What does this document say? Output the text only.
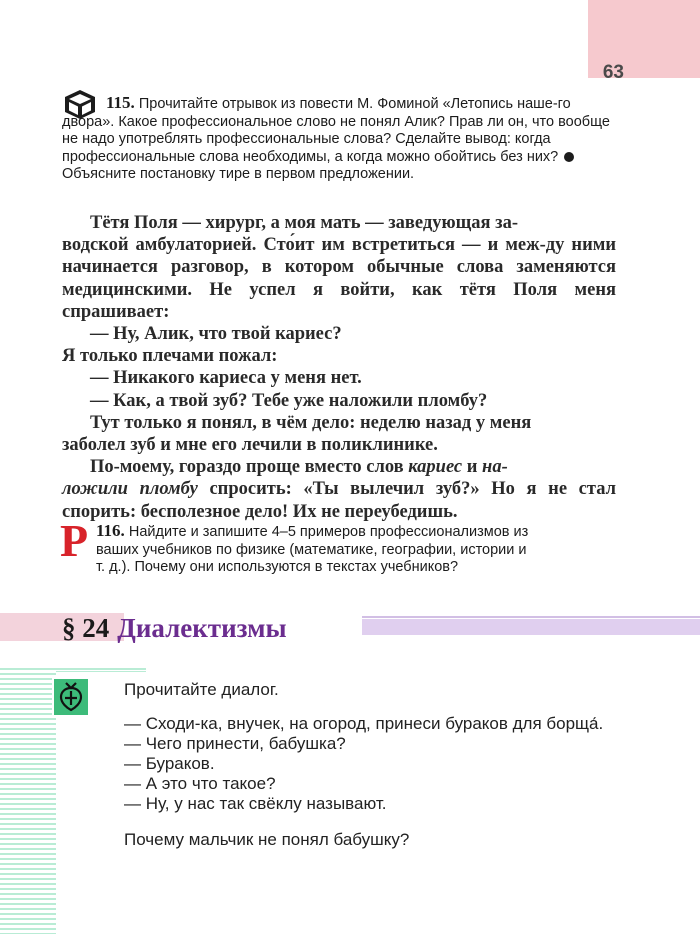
63
115. Прочитайте отрывок из повести М. Фоминой «Летопись наше-го двора». Какое профессиональное слово не понял Алик? Прав ли он, что вообще не надо употреблять профессиональные слова? Сделайте вывод: когда профессиональные слова необходимы, а когда можно обойтись без них? Объясните постановку тире в первом предложении.

Тётя Поля — хирург, а моя мать — заведующая за-

водской амбулаторией. Сто́ит им встретиться — и меж-ду ними начинается разговор, в котором обычные слова заменяются медицинскими. Не успел я войти, как тётя Поля меня спрашивает:

— Ну, Алик, что твой кариес?

Я только плечами пожал:

— Никакого кариеса у меня нет.

— Как, а твой зуб? Тебе уже наложили пломбу?

Тут только я понял, в чём дело: неделю назад у меня

заболел зуб и мне его лечили в поликлинике.

По-моему, гораздо проще вместо слов кариес и на-

ложили пломбу спросить: «Ты вылечил зуб?» Но я не стал спорить: бесполезное дело! Их не переубедишь.

Р 116. Найдите и запишите 4–5 примеров профессионализмов из ваших учебников по физике (математике, географии, истории и т. д.). Почему они используются в текстах учебников?
§ 24 Диалектизмы

Прочитайте диалог.

— Сходи-ка, внучек, на огород, принеси бураков для борща́.

— Чего принести, бабушка?

— Бураков.

— А это что такое?

— Ну, у нас так свёклу называют.

Почему мальчик не понял бабушку?
